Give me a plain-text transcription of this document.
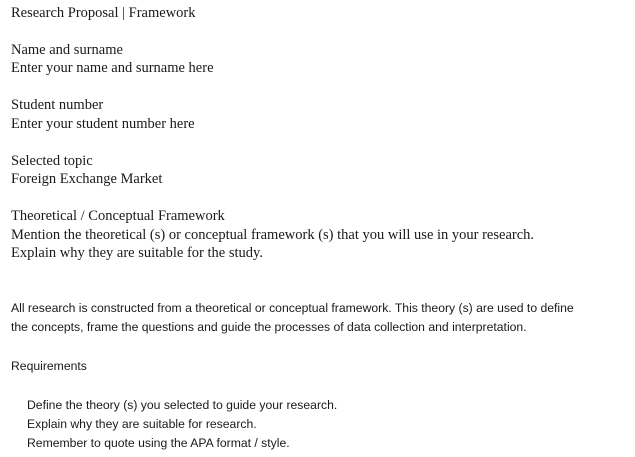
Research Proposal | Framework
Name and surname
Enter your name and surname here
Student number
Enter your student number here
Selected topic
Foreign Exchange Market
Theoretical / Conceptual Framework
Mention the theoretical (s) or conceptual framework (s) that you will use in your research.
Explain why they are suitable for the study.
All research is constructed from a theoretical or conceptual framework. This theory (s) are used to define
the concepts, frame the questions and guide the processes of data collection and interpretation.
Requirements
Define the theory (s) you selected to guide your research.
Explain why they are suitable for research.
Remember to quote using the APA format / style.
